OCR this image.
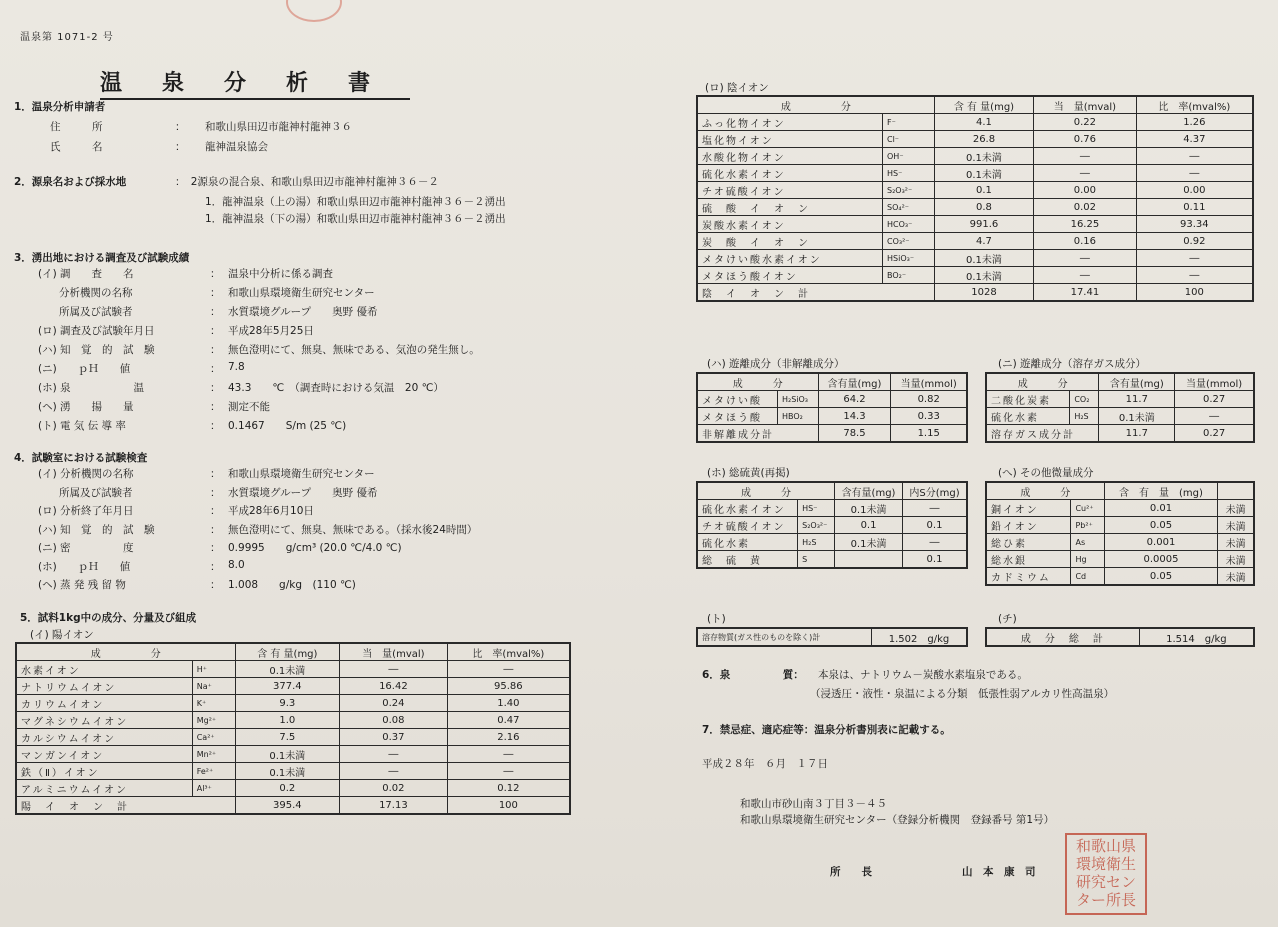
温泉第 1071-2 号
温泉分析書
1．温泉分析申請者
住　　　所	： 和歌山県田辺市龍神村龍神３６
氏　　　名	： 龍神温泉協会
2．源泉名および採水地	：　2源泉の混合泉、和歌山県田辺市龍神村龍神３６－２
1．龍神温泉（上の湯）和歌山県田辺市龍神村龍神３６－２湧出
1．龍神温泉（下の湯）和歌山県田辺市龍神村龍神３６－２湧出
3．湧出地における調査及び試験成績
(イ) 調　　査　　名	： 温泉中分析に係る調査
　　分析機関の名称	： 和歌山県環境衛生研究センター
　　所属及び試験者	： 水質環境グループ　　奥野 優希
(ロ) 調査及び試験年月日	： 平成28年5月25日
(ハ) 知　覚　的　試　験	： 無色澄明にて、無臭、無味である、気泡の発生無し。
(ニ)　　ｐＨ　　値	： 7.8
(ホ) 泉　　　　　　温	： 43.3　　℃　（調査時における気温　20 ℃）
(ヘ) 湧　　揚　　量	： 測定不能
(ト) 電 気 伝 導 率	： 0.1467　　S/m (25 ℃)
4．試験室における試験検査
(イ) 分析機関の名称	： 和歌山県環境衛生研究センター
　　所属及び試験者	： 水質環境グループ　　奥野 優希
(ロ) 分析終了年月日	： 平成28年6月10日
(ハ) 知　覚　的　試　験	： 無色澄明にて、無臭、無味である。（採水後24時間）
(ニ) 密　　　　　度	： 0.9995　　g/cm³ (20.0 ℃/4.0 ℃)
(ホ)　　ｐＨ　　値	： 8.0
(ヘ) 蒸 発 残 留 物	： 1.008　　g/kg　(110 ℃)
5．試料1kg中の成分、分量及び組成
(イ) 陽イオン
成　　　　　分		含 有 量(mg)	当　量(mval)	比　率(mval%)
水素イオン	H⁺	0.1未満	―	―
ナトリウムイオン	Na⁺	377.4	16.42	95.86
カリウムイオン	K⁺	9.3	0.24	1.40
マグネシウムイオン	Mg²⁺	1.0	0.08	0.47
カルシウムイオン	Ca²⁺	7.5	0.37	2.16
マンガンイオン	Mn²⁺	0.1未満	―	―
鉄（Ⅱ）イオン	Fe²⁺	0.1未満	―	―
アルミニウムイオン	Al³⁺	0.2	0.02	0.12
陽　イ　オ　ン　計		395.4	17.13	100
(ロ) 陰イオン
成　　　　　分		含 有 量(mg)	当　量(mval)	比　率(mval%)
ふっ化物イオン	F⁻	4.1	0.22	1.26
塩化物イオン	Cl⁻	26.8	0.76	4.37
水酸化物イオン	OH⁻	0.1未満	―	―
硫化水素イオン	HS⁻	0.1未満	―	―
チオ硫酸イオン	S₂O₃²⁻	0.1	0.00	0.00
硫　酸　イ　オ　ン	SO₄²⁻	0.8	0.02	0.11
炭酸水素イオン	HCO₃⁻	991.6	16.25	93.34
炭　酸　イ　オ　ン	CO₃²⁻	4.7	0.16	0.92
メタけい酸水素イオン	HSiO₃⁻	0.1未満	―	―
メタほう酸イオン	BO₂⁻	0.1未満	―	―
陰　イ　オ　ン　計		1028	17.41	100
(ハ) 遊離成分（非解離成分）
成　　　分		含有量(mg)	当量(mmol)
メタけい酸	H₂SiO₃	64.2	0.82
メタほう酸	HBO₂	14.3	0.33
非解離成分計		78.5	1.15
(ニ) 遊離成分（溶存ガス成分）
成　　　分		含有量(mg)	当量(mmol)
二酸化炭素	CO₂	11.7	0.27
硫化水素	H₂S	0.1未満	―
溶存ガス成分計		11.7	0.27
(ホ) 総硫黄(再掲)
成　　　分		含有量(mg)	内S分(mg)
硫化水素イオン	HS⁻	0.1未満	―
チオ硫酸イオン	S₂O₃²⁻	0.1	0.1
硫化水素	H₂S	0.1未満	―
総　硫　黄	S		0.1
(へ) その他微量成分
成　　　分		含　有　量　(mg)	
銅イオン	Cu²⁺	0.01	未満
鉛イオン	Pb²⁺	0.05	未満
総ひ素	As	0.001	未満
総水銀	Hg	0.0005	未満
カドミウム	Cd	0.05	未満
(ト)
溶存物質(ガス性のものを除く)計	1.502　g/kg
(チ)
成　分　総　計	1.514　g/kg
6．泉　　　　　質： 本泉は、ナトリウム－炭酸水素塩泉である。
（浸透圧・液性・泉温による分類　低張性弱アルカリ性高温泉）
7．禁忌症、適応症等：温泉分析書別表に記載する。
平成２８年　６月　１７日
和歌山市砂山南３丁目３－４５
和歌山県環境衛生研究センター（登録分析機関　登録番号 第1号）
所　　長	山　本　康　司
和歌山県
環境衛生
研究セン
ター所長
